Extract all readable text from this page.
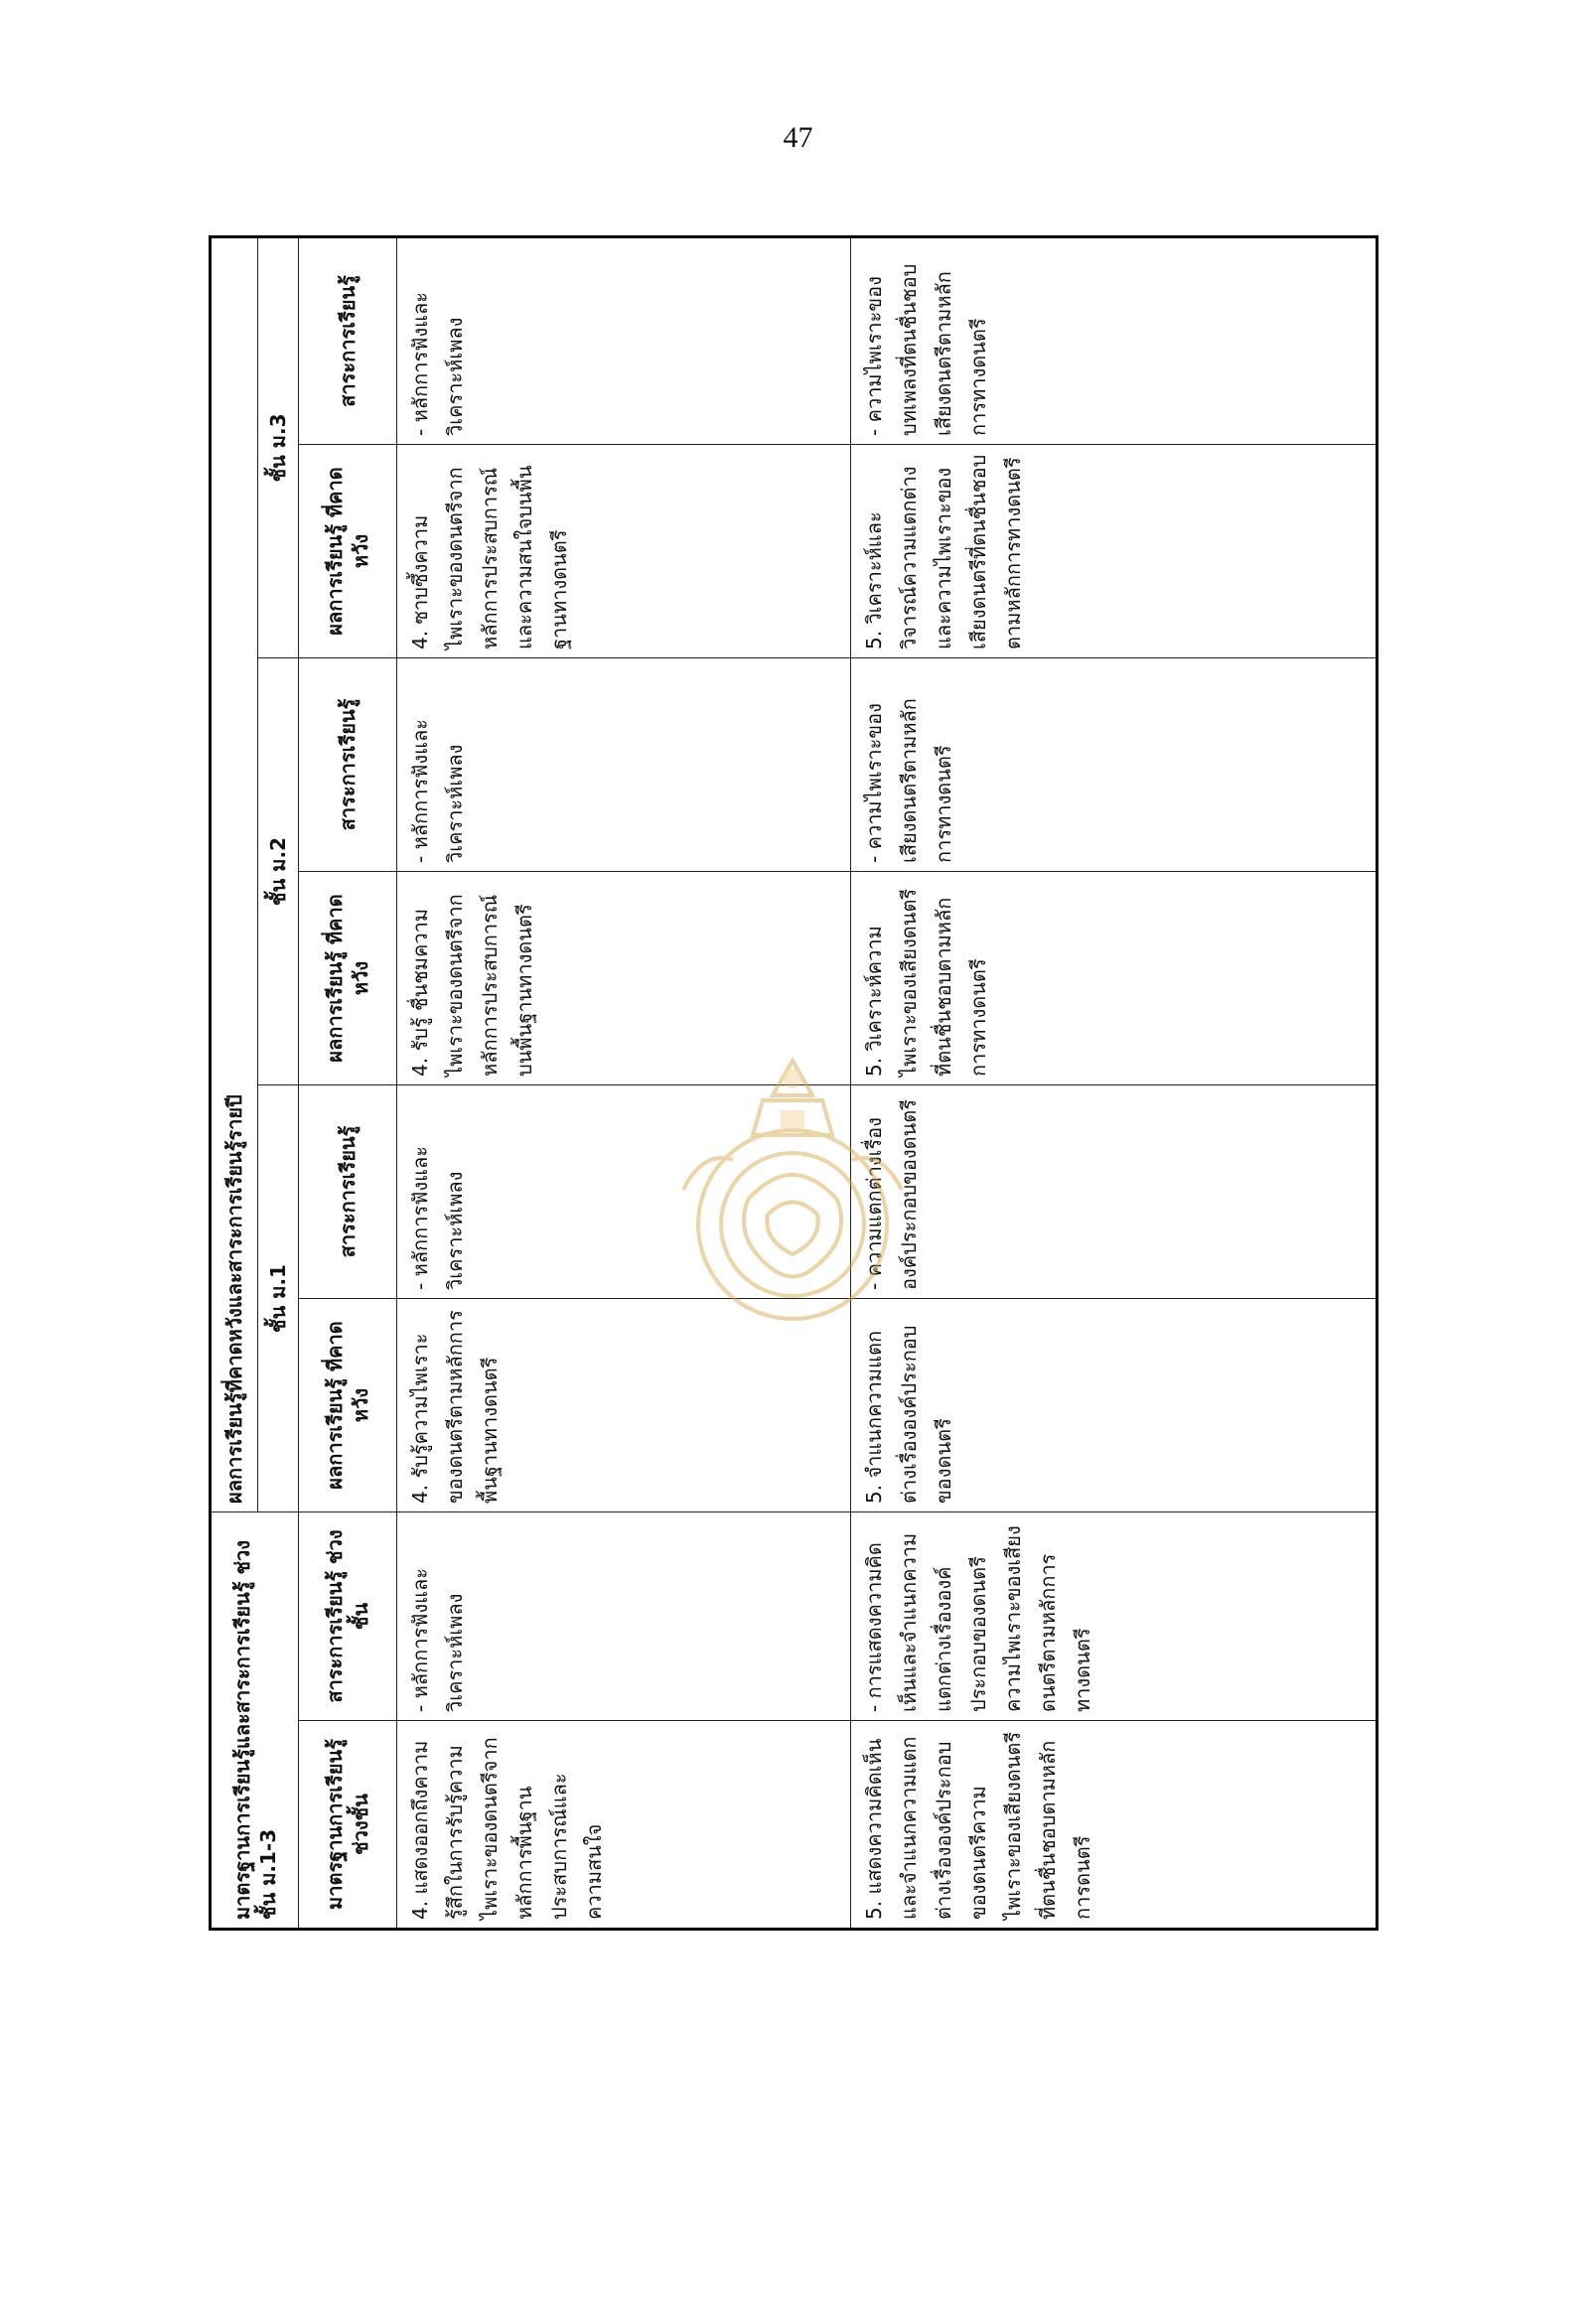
47
มาตรฐานการเรียนรู้และสาระการเรียนรู้ ช่วงชั้น ม.1-3		ผลการเรียนรู้ที่คาดหวังและสาระการเรียนรู้รายปี					
		ชั้น ม.1		ชั้น ม.2		ชั้น ม.3	
มาตรฐานการเรียนรู้ ช่วงชั้น	สาระการเรียนรู้ ช่วงชั้น	ผลการเรียนรู้ ที่คาดหวัง	สาระการเรียนรู้	ผลการเรียนรู้ ที่คาดหวัง	สาระการเรียนรู้	ผลการเรียนรู้ ที่คาดหวัง	สาระการเรียนรู้
4. แสดงออกถึงความรู้สึกในการรับรู้ความไพเราะของดนตรีจากหลักการพื้นฐานประสบการณ์และความสนใจ	- หลักการฟังและวิเคราะห์เพลง	4. รับรู้ความไพเราะของดนตรีตามหลักการพื้นฐานทางดนตรี	- หลักการฟังและวิเคราะห์เพลง	4. รับรู้ ชื่นชมความไพเราะของดนตรีจากหลักการประสบการณ์บนพื้นฐานทางดนตรี	- หลักการฟังและวิเคราะห์เพลง	4. ซาบซึ้งความไพเราะของดนตรีจากหลักการประสบการณ์และความสนใจบนพื้นฐานทางดนตรี	- หลักการฟังและวิเคราะห์เพลง
5. แสดงความคิดเห็นและจำแนกความแตกต่างเรื่ององค์ประกอบของดนตรีความไพเราะของเสียงดนตรีที่ตนชื่นชอบตามหลักการดนตรี	- การแสดงความคิดเห็นและจำแนกความแตกต่างเรื่ององค์ประกอบของดนตรีความไพเราะของเสียงดนตรีตามหลักการทางดนตรี	5. จำแนกความแตกต่างเรื่ององค์ประกอบของดนตรี	- ความแตกต่างเรื่ององค์ประกอบของดนตรี	5. วิเคราะห์ความไพเราะของเสียงดนตรีที่ตนชื่นชอบตามหลักการทางดนตรี	- ความไพเราะของเสียงดนตรีตามหลักการทางดนตรี	5. วิเคราะห์และวิจารณ์ความแตกต่างและความไพเราะของเสียงดนตรีที่ตนชื่นชอบตามหลักการทางดนตรี	- ความไพเราะของบทเพลงที่ตนชื่นชอบเสียงดนตรีตามหลักการทางดนตรี
